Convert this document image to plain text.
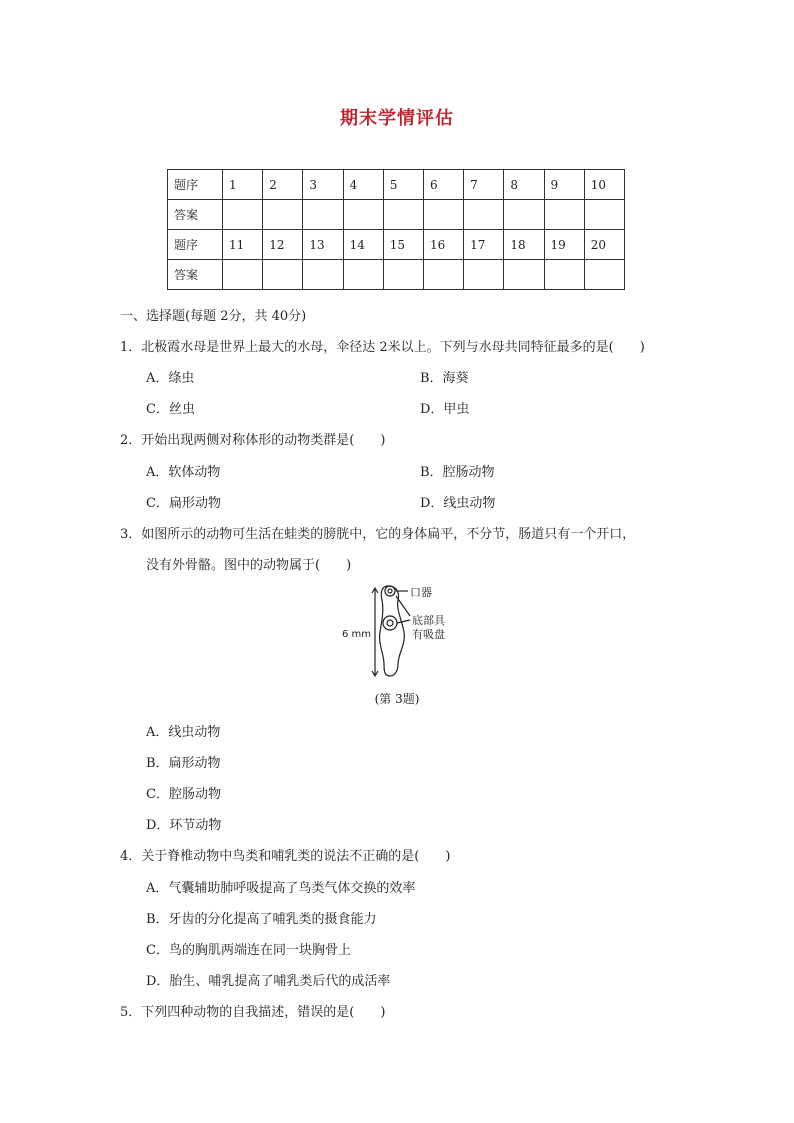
期末学情评估
题序	1	2	3	4	5	6	7	8	9	10
答案										
题序	11	12	13	14	15	16	17	18	19	20
答案										
一、选择题(每题 2分，共 40分)
1．北极霞水母是世界上最大的水母，伞径达 2米以上。下列与水母共同特征最多的是(　　)
A．绦虫	B．海葵
C．丝虫	D．甲虫
2．开始出现两侧对称体形的动物类群是(　　)
A．软体动物	B．腔肠动物
C．扁形动物	D．线虫动物
3．如图所示的动物可生活在蛙类的膀胱中，它的身体扁平，不分节，肠道只有一个开口，
没有外骨骼。图中的动物属于(　　)
口器
底部具
有吸盘
6 mm
(第 3题)
A．线虫动物
B．扁形动物
C．腔肠动物
D．环节动物
4．关于脊椎动物中鸟类和哺乳类的说法不正确的是(　　)
A．气囊辅助肺呼吸提高了鸟类气体交换的效率
B．牙齿的分化提高了哺乳类的摄食能力
C．鸟的胸肌两端连在同一块胸骨上
D．胎生、哺乳提高了哺乳类后代的成活率
5．下列四种动物的自我描述，错误的是(　　)
